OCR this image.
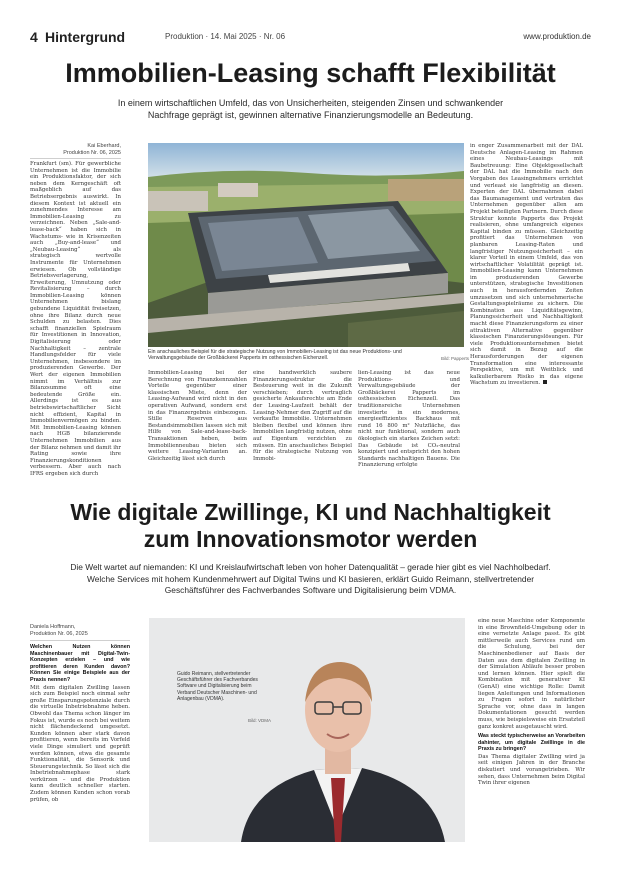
4 Hintergrund	Produktion · 14. Mai 2025 · Nr. 06	www.produktion.de
Immobilien-Leasing schafft Flexibilität
In einem wirtschaftlichen Umfeld, das von Unsicherheiten, steigenden Zinsen und schwankender Nachfrage geprägt ist, gewinnen alternative Finanzierungsmodelle an Bedeutung.
Kai Eberhard,
Produktion Nr. 06, 2025
Frankfurt (sm). Für gewerbliche Unternehmen ist die Immobilie ein Produktionsfaktor, der sich neben dem Kerngeschäft oft maßgeblich auf das Betriebsergebnis auswirkt. In diesem Kontext ist aktuell ein zunehmendes Interesse am Immobilien-Leasing zu verzeichnen. Neben „Sale-and-lease-back“ haben sich in Wachstums- wie in Krisenzeiten auch „Buy-and-lease“ und „Neubau-Leasing“ als strategisch wertvolle Instrumente für Unternehmen erwiesen. Ob vollständige Betriebsverlagerung, Erweiterung, Umnutzung oder Revitalisierung – durch Immobilien-Leasing können Unternehmen bislang gebundene Liquidität freisetzen, ohne ihre Bilanz durch neue Schulden zu belasten. Dies schafft finanziellen Spielraum für Investitionen in Innovation, Digitalisierung oder Nachhaltigkeit – zentrale Handlungsfelder für viele Unternehmen, insbesondere im produzierenden Gewerbe. Der Wert der eigenen Immobilien nimmt im Verhältnis zur Bilanzsumme oft eine bedeutende Größe ein. Allerdings ist es aus betriebswirtschaftlicher Sicht nicht effizient, Kapital in Immobilienvermögen zu binden. Mit Immobilien-Leasing können nach HGB bilanzierende Unternehmen Immobilien aus der Bilanz nehmen und damit ihr Rating sowie ihre Finanzierungskonditionen verbessern. Aber auch nach IFRS ergeben sich durch
Ein anschauliches Beispiel für die strategische Nutzung von Immobilien-Leasing ist das neue Produktions- und Verwaltungsgebäude der Großbäckerei Papperts im osthessischen Eichenzell.	Bild: Papperts
Immobilien-Leasing bei der Berechnung von Finanzkennzahlen Vorteile gegenüber einer klassischen Miete, denn der Leasing-Aufwand wird nicht in den operativen Aufwand, sondern erst in das Finanzergebnis einbezogen. Stille Reserven aus Bestandsimmobilien lassen sich mit Hilfe von Sale-and-lease-back-Transaktionen heben, beim Immobilienneubau bieten sich weitere Leasing-Varianten an. Gleichzeitig lässt sich durch
eine handwerklich saubere Finanzierungsstruktur die Besteuerung weit in die Zukunft verschieben; durch vertraglich gesicherte Ankaufsrechte am Ende der Leasing-Laufzeit behält der Leasing-Nehmer den Zugriff auf die verkaufte Immobilie. Unternehmen bleiben flexibel und können ihre Immobilien langfristig nutzen, ohne auf Eigentum verzichten zu müssen. Ein anschauliches Beispiel für die strategische Nutzung von Immobi-
lien-Leasing ist das neue Produktions- und Verwaltungsgebäude der Großbäckerei Papperts im osthessischen Eichenzell. Das traditionsreiche Unternehmen investierte in ein modernes, energieeffizientes Backhaus mit rund 16 800 m² Nutzfläche, das nicht nur funktional, sondern auch ökologisch ein starkes Zeichen setzt: Das Gebäude ist CO₂-neutral konzipiert und entspricht den hohen Standards nachhaltigen Bauens. Die Finanzierung erfolgte
in enger Zusammenarbeit mit der DAL Deutsche Anlagen-Leasing im Rahmen eines Neubau-Leasings mit Baubetreuung: Eine Objektgesellschaft der DAL hat die Immobilie nach den Vorgaben des Leasingnehmers errichtet und verleast sie langfristig an diesen. Experten der DAL übernahmen dabei das Baumanagement und vertraten das Unternehmen gegenüber allen am Projekt beteiligten Partnern. Durch diese Struktur konnte Papperts das Projekt realisieren, ohne umfangreich eigenes Kapital binden zu müssen. Gleichzeitig profitiert das Unternehmen von planbaren Leasing-Raten und langfristiger Nutzungssicherheit – ein klarer Vorteil in einem Umfeld, das von wirtschaftlicher Volatilität geprägt ist. Immobilien-Leasing kann Unternehmen im produzierenden Gewerbe unterstützen, strategische Investitionen auch in herausfordernden Zeiten umzusetzen und sich unternehmerische Gestaltungsspielräume zu sichern. Die Kombination aus Liquiditätsgewinn, Planungssicherheit und Nachhaltigkeit macht diese Finanzierungsform zu einer attraktiven Alternative gegenüber klassischen Finanzierungslösungen. Für viele Produktionsunternehmen bietet sich damit in Bezug auf die Herausforderungen der eigenen Transformation eine interessante Perspektive, um mit Weitblick und kalkulierbarem Risiko in das eigene Wachstum zu investieren.
Wie digitale Zwillinge, KI und Nachhaltigkeit
zum Innovationsmotor werden
Die Welt wartet auf niemanden: KI und Kreislaufwirtschaft leben von hoher Datenqualität – gerade hier gibt es viel Nachholbedarf. Welche Services mit hohem Kundenmehrwert auf Digital Twins und KI basieren, erklärt Guido Reimann, stellvertretender Geschäftsführer des Fachverbandes Software und Digitalisierung beim VDMA.
Daniela Hoffmann,
Produktion Nr. 06, 2025
Welchen Nutzen können Maschinenbauer mit Digital-Twin-Konzepten erzielen – und wie profitieren deren Kunden davon? Können Sie einige Beispiele aus der Praxis nennen?
Mit dem digitalen Zwilling lassen sich zum Beispiel noch einmal sehr große Einsparungspotenziale durch die virtuelle Inbetriebnahme heben. Obwohl das Thema schon länger im Fokus ist, wurde es noch bei weitem nicht flächendeckend umgesetzt. Kunden können aber stark davon profitieren, wenn bereits im Vorfeld viele Dinge simuliert und geprüft werden können, etwa die gesamte Funktionalität, die Sensorik und Steuerungstechnik. So lässt sich die Inbetriebnahmephase stark verkürzen – und die Produktion kann deutlich schneller starten. Zudem können Kunden schon vorab prüfen, ob
Guido Reimann, stellvertretender Geschäftsführer des Fachverbandes Software und Digitalisierung beim Verband Deutscher Maschinen- und Anlagenbau (VDMA).
Bild: VDMA

eine neue Maschine oder Komponente in eine Brownfield-Umgebung oder in eine vernetzte Anlage passt. Es gibt mittlerweile auch Services rund um die Schulung, bei der Maschinenbediener auf Basis der Daten aus dem digitalen Zwilling in der Simulation Abläufe besser proben und lernen können. Hier spielt die Kombination mit generativer KI (GenAI) eine wichtige Rolle: Damit liegen Anleitungen und Informationen zu Fragen sofort in natürlicher Sprache vor, ohne dass in langen Dokumentationen gesucht werden muss, wie beispielsweise ein Ersatzteil ganz konkret ausgetauscht wird.

Was steckt typischerweise an Vorarbeiten dahinter, um digitale Zwillinge in die Praxis zu bringen?
Das Thema digitaler Zwilling wird ja seit einigen Jahren in der Branche diskutiert und vorangetrieben. Wir sehen, dass Unternehmen beim Digital Twin ihrer eigenen
